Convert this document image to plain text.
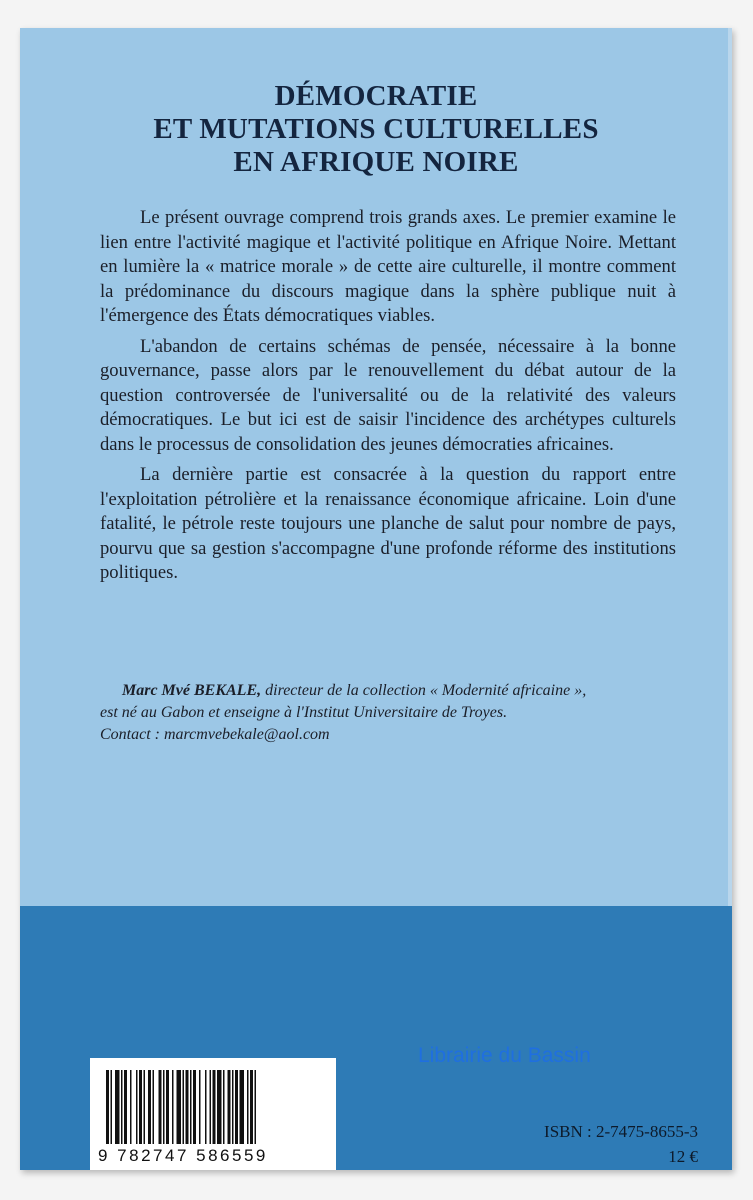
DÉMOCRATIE
ET MUTATIONS CULTURELLES
EN AFRIQUE NOIRE

Le présent ouvrage comprend trois grands axes. Le premier examine le lien entre l'activité magique et l'activité politique en Afrique Noire. Mettant en lumière la « matrice morale » de cette aire culturelle, il montre comment la prédominance du discours magique dans la sphère publique nuit à l'émergence des États démocratiques viables.

L'abandon de certains schémas de pensée, nécessaire à la bonne gouvernance, passe alors par le renouvellement du débat autour de la question controversée de l'universalité ou de la relativité des valeurs démocratiques. Le but ici est de saisir l'incidence des archétypes culturels dans le processus de consolidation des jeunes démocraties africaines.

La dernière partie est consacrée à la question du rapport entre l'exploitation pétrolière et la renaissance économique africaine. Loin d'une fatalité, le pétrole reste toujours une planche de salut pour nombre de pays, pourvu que sa gestion s'accompagne d'une profonde réforme des institutions politiques.

Marc Mvé BEKALE, directeur de la collection « Modernité africaine »,
est né au Gabon et enseigne à l'Institut Universitaire de Troyes.
Contact : marcmvebekale@aol.com
Librairie du Bassin
9 782747 586559
ISBN : 2-7475-8655-3
12 €
